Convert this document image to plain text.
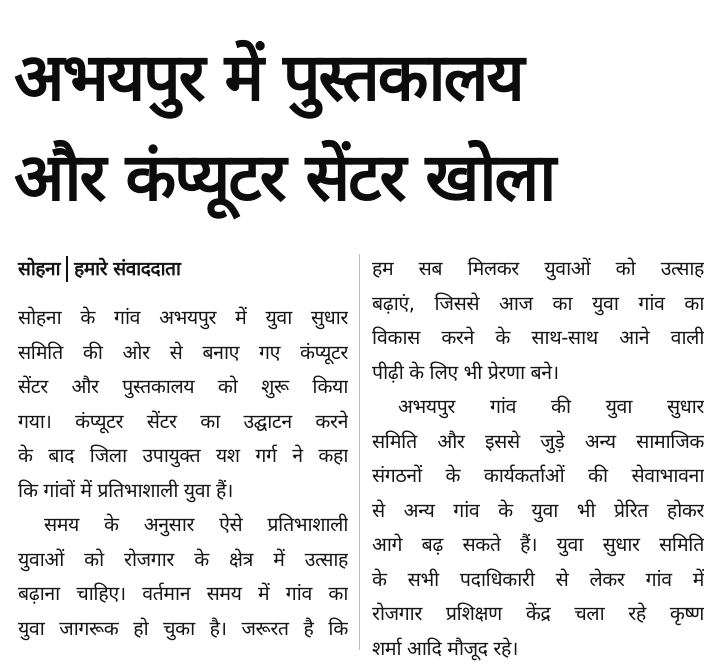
अभयपुर में पुस्तकालय
और कंप्यूटर सेंटर खोला
सोहना हमारे संवाददाता

सोहना के गांव अभयपुर में युवा सुधार
समिति की ओर से बनाए गए कंप्यूटर
सेंटर और पुस्तकालय को शुरू किया
गया। कंप्यूटर सेंटर का उद्घाटन करने
के बाद जिला उपायुक्त यश गर्ग ने कहा
कि गांवों में प्रतिभाशाली युवा हैं।

समय के अनुसार ऐसे प्रतिभाशाली
युवाओं को रोजगार के क्षेत्र में उत्साह
बढ़ाना चाहिए। वर्तमान समय में गांव का
युवा जागरूक हो चुका है। जरूरत है कि

हम सब मिलकर युवाओं को उत्साह
बढ़ाएं, जिससे आज का युवा गांव का
विकास करने के साथ-साथ आने वाली
पीढ़ी के लिए भी प्रेरणा बने।

अभयपुर गांव की युवा सुधार
समिति और इससे जुड़े अन्य सामाजिक
संगठनों के कार्यकर्ताओं की सेवाभावना
से अन्य गांव के युवा भी प्रेरित होकर
आगे बढ़ सकते हैं। युवा सुधार समिति
के सभी पदाधिकारी से लेकर गांव में
रोजगार प्रशिक्षण केंद्र चला रहे कृष्ण
शर्मा आदि मौजूद रहे।
